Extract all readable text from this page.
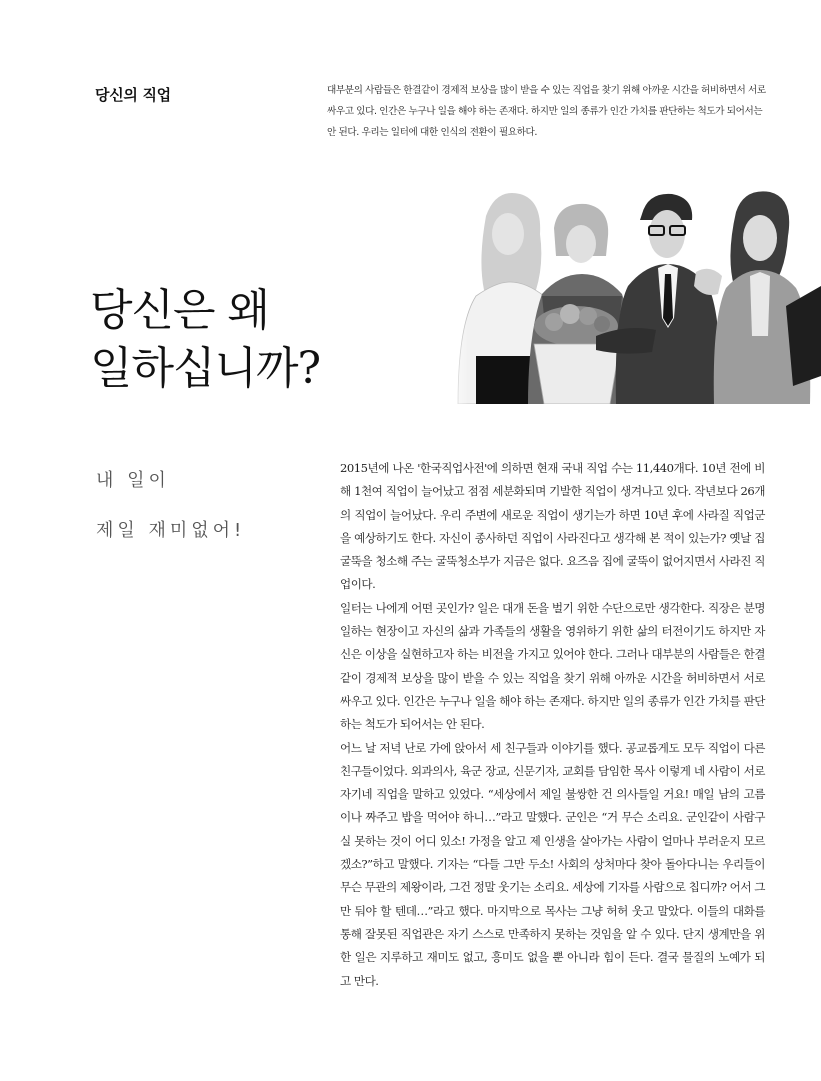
당신의 직업	대부분의 사람들은 한결같이 경제적 보상을 많이 받을 수 있는 직업을 찾기 위해 아까운 시간을 허비하면서 서로 싸우고 있다. 인간은 누구나 일을 해야 하는 존재다. 하지만 일의 종류가 인간 가치를 판단하는 척도가 되어서는 안 된다. 우리는 일터에 대한 인식의 전환이 필요하다.

당신은 왜
일하십니까?
내 일이
제일 재미없어!

2015년에 나온 '한국직업사전'에 의하면 현재 국내 직업 수는 11,440개다. 10년 전에 비해 1천여 직업이 늘어났고 점점 세분화되며 기발한 직업이 생겨나고 있다. 작년보다 26개의 직업이 늘어났다. 우리 주변에 새로운 직업이 생기는가 하면 10년 후에 사라질 직업군을 예상하기도 한다. 자신이 종사하던 직업이 사라진다고 생각해 본 적이 있는가? 옛날 집 굴뚝을 청소해 주는 굴뚝청소부가 지금은 없다. 요즈음 집에 굴뚝이 없어지면서 사라진 직업이다.

일터는 나에게 어떤 곳인가? 일은 대개 돈을 벌기 위한 수단으로만 생각한다. 직장은 분명 일하는 현장이고 자신의 삶과 가족들의 생활을 영위하기 위한 삶의 터전이기도 하지만 자신은 이상을 실현하고자 하는 비전을 가지고 있어야 한다. 그러나 대부분의 사람들은 한결같이 경제적 보상을 많이 받을 수 있는 직업을 찾기 위해 아까운 시간을 허비하면서 서로 싸우고 있다. 인간은 누구나 일을 해야 하는 존재다. 하지만 일의 종류가 인간 가치를 판단하는 척도가 되어서는 안 된다.

어느 날 저녁 난로 가에 앉아서 세 친구들과 이야기를 했다. 공교롭게도 모두 직업이 다른 친구들이었다. 외과의사, 육군 장교, 신문기자, 교회를 담임한 목사 이렇게 네 사람이 서로 자기네 직업을 말하고 있었다. “세상에서 제일 불쌍한 건 의사들일 거요! 매일 남의 고름이나 짜주고 밥을 먹어야 하니…”라고 말했다. 군인은 “거 무슨 소리요. 군인같이 사람구실 못하는 것이 어디 있소! 가정을 알고 제 인생을 살아가는 사람이 얼마나 부러운지 모르겠소?”하고 말했다. 기자는 “다들 그만 두소! 사회의 상처마다 찾아 돌아다니는 우리들이 무슨 무관의 제왕이라, 그건 정말 웃기는 소리요. 세상에 기자를 사람으로 칩디까? 어서 그만 둬야 할 텐데…”라고 했다. 마지막으로 목사는 그냥 허허 웃고 말았다. 이들의 대화를 통해 잘못된 직업관은 자기 스스로 만족하지 못하는 것임을 알 수 있다. 단지 생계만을 위한 일은 지루하고 재미도 없고, 흥미도 없을 뿐 아니라 힘이 든다. 결국 물질의 노예가 되고 만다.
